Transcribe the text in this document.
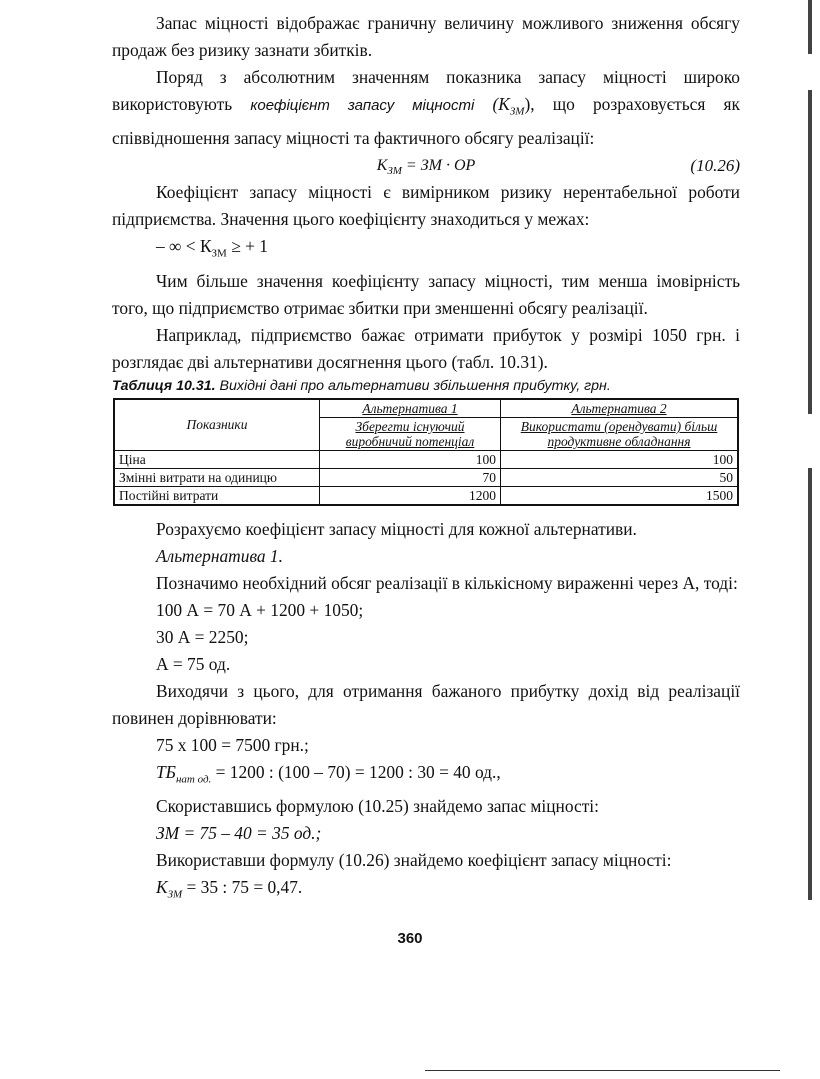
Запас міцності відображає граничну величину можливого зниження обсягу продаж без ризику зазнати збитків.

Поряд з абсолютним значенням показника запасу міцності широко використовують коефіцієнт запасу міцності $(К_{ЗМ})$, що розраховується як співвідношення запасу міцності та фактичного обсягу реалізації:

$К_{ЗМ}$ = ЗМ · ОР	(10.26)

Коефіцієнт запасу міцності є вимірником ризику нерентабельної роботи підприємства. Значення цього коефіцієнту знаходиться у межах:

– ∞ < $К_{ЗМ}$ ≥ + 1

Чим більше значення коефіцієнту запасу міцності, тим менша імовірність того, що підприємство отримає збитки при зменшенні обсягу реалізації.

Наприклад, підприємство бажає отримати прибуток у розмірі 1050 грн. і розглядає дві альтернативи досягнення цього (табл. 10.31).

Таблиця 10.31. Вихідні дані про альтернативи збільшення прибутку, грн.

Показники	Альтернатива 1	Альтернатива 2
	Зберегти існуючий виробничий потенціал	Використати (орендувати) більш продуктивне обладнання
Ціна	100	100
Змінні витрати на одиницю	70	50
Постійні витрати	1200	1500

Розрахуємо коефіцієнт запасу міцності для кожної альтернативи.

Альтернатива 1.

Позначимо необхідний обсяг реалізації в кількісному вираженні через А, тоді:

100 А = 70 А + 1200 + 1050;

30 А = 2250;

А = 75 од.

Виходячи з цього, для отримання бажаного прибутку дохід від реалізації повинен дорівнювати:

75 х 100 = 7500 грн.;

$ТБ_{нат од.} = 1200$ : (100 – 70) = 1200 : 30 = 40 од.,

Скориставшись формулою (10.25) знайдемо запас міцності:

ЗМ = 75 – 40 = 35 од.;

Використавши формулу (10.26) знайдемо коефіцієнт запасу міцності:

$К_{ЗМ} = 35$ : 75 = 0,47.

360
